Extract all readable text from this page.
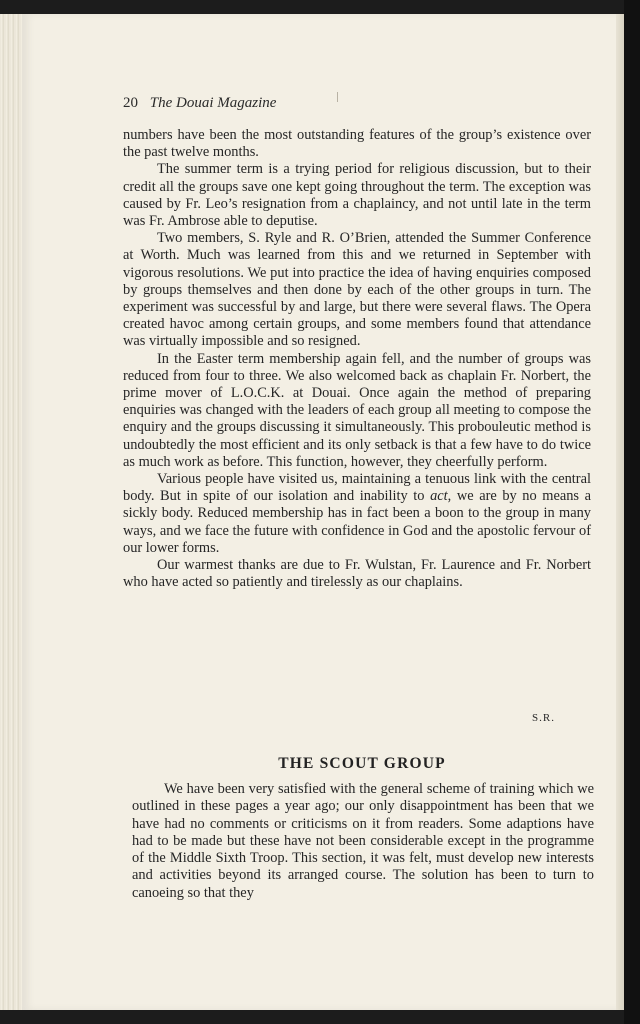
20 The Douai Magazine

numbers have been the most outstanding features of the group’s existence over the past twelve months.

The summer term is a trying period for religious discussion, but to their credit all the groups save one kept going throughout the term. The exception was caused by Fr. Leo’s resignation from a chaplaincy, and not until late in the term was Fr. Ambrose able to deputise.

Two members, S. Ryle and R. O’Brien, attended the Summer Conference at Worth. Much was learned from this and we returned in September with vigorous resolutions. We put into practice the idea of having enquiries composed by groups themselves and then done by each of the other groups in turn. The experiment was successful by and large, but there were several flaws. The Opera created havoc among certain groups, and some members found that attendance was virtually impossible and so resigned.

In the Easter term membership again fell, and the number of groups was reduced from four to three. We also welcomed back as chaplain Fr. Norbert, the prime mover of L.O.C.K. at Douai. Once again the method of preparing enquiries was changed with the leaders of each group all meeting to compose the enquiry and the groups discussing it simultaneously. This probouleutic method is undoubtedly the most efficient and its only setback is that a few have to do twice as much work as before. This function, however, they cheerfully perform.

Various people have visited us, maintaining a tenuous link with the central body. But in spite of our isolation and inability to act, we are by no means a sickly body. Reduced membership has in fact been a boon to the group in many ways, and we face the future with confidence in God and the apostolic fervour of our lower forms.

Our warmest thanks are due to Fr. Wulstan, Fr. Laurence and Fr. Norbert who have acted so patiently and tirelessly as our chaplains.

S.R.
THE SCOUT GROUP

We have been very satisfied with the general scheme of training which we outlined in these pages a year ago; our only disappointment has been that we have had no comments or criticisms on it from readers. Some adaptions have had to be made but these have not been considerable except in the programme of the Middle Sixth Troop. This section, it was felt, must develop new interests and activities beyond its arranged course. The solution has been to turn to canoeing so that they
